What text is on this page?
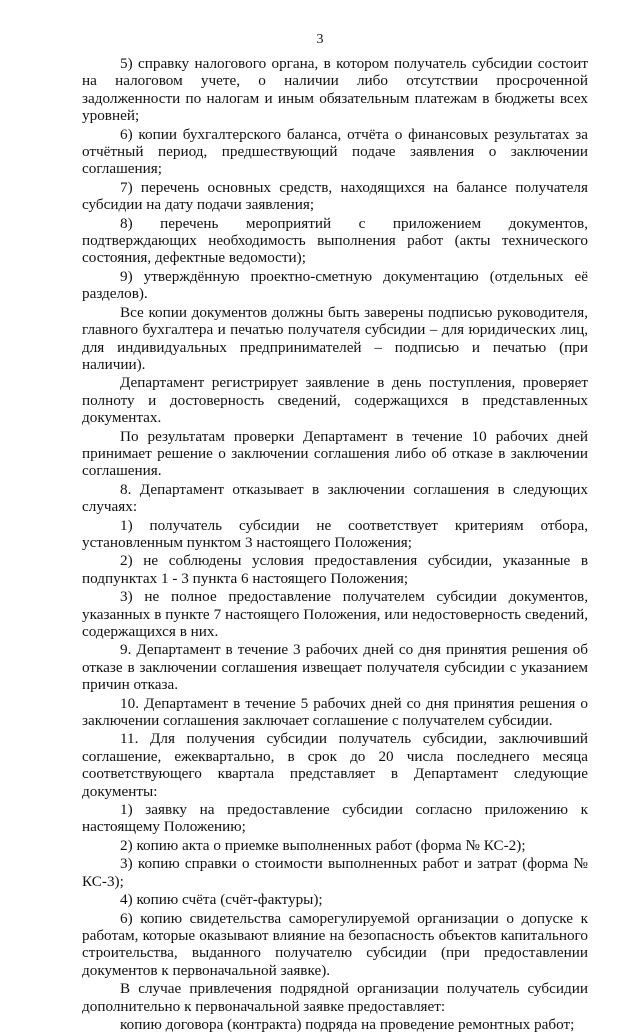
3

5) справку налогового органа, в котором получатель субсидии состоит на налоговом учете, о наличии либо отсутствии просроченной задолженности по налогам и иным обязательным платежам в бюджеты всех уровней;

6) копии бухгалтерского баланса, отчёта о финансовых результатах за отчётный период, предшествующий подаче заявления о заключении соглашения;

7) перечень основных средств, находящихся на балансе получателя субсидии на дату подачи заявления;

8) перечень мероприятий с приложением документов, подтверждающих необходимость выполнения работ (акты технического состояния, дефектные ведомости);

9) утверждённую проектно-сметную документацию (отдельных её разделов).

Все копии документов должны быть заверены подписью руководителя, главного бухгалтера и печатью получателя субсидии – для юридических лиц, для индивидуальных предпринимателей – подписью и печатью (при наличии).

Департамент регистрирует заявление в день поступления, проверяет полноту и достоверность сведений, содержащихся в представленных документах.

По результатам проверки Департамент в течение 10 рабочих дней принимает решение о заключении соглашения либо об отказе в заключении соглашения.

8. Департамент отказывает в заключении соглашения в следующих случаях:

1) получатель субсидии не соответствует критериям отбора, установленным пунктом 3 настоящего Положения;

2) не соблюдены условия предоставления субсидии, указанные в подпунктах 1 - 3 пункта 6 настоящего Положения;

3) не полное предоставление получателем субсидии документов, указанных в пункте 7 настоящего Положения, или недостоверность сведений, содержащихся в них.

9. Департамент в течение 3 рабочих дней со дня принятия решения об отказе в заключении соглашения извещает получателя субсидии с указанием причин отказа.

10. Департамент в течение 5 рабочих дней со дня принятия решения о заключении соглашения заключает соглашение с получателем субсидии.

11. Для получения субсидии получатель субсидии, заключивший соглашение, ежеквартально, в срок до 20 числа последнего месяца соответствующего квартала представляет в Департамент следующие документы:

1) заявку на предоставление субсидии согласно приложению к настоящему Положению;

2) копию акта о приемке выполненных работ (форма № КС-2);

3) копию справки о стоимости выполненных работ и затрат (форма № КС-3);

4) копию счёта (счёт-фактуры);

6) копию свидетельства саморегулируемой организации о допуске к работам, которые оказывают влияние на безопасность объектов капитального строительства, выданного получателю субсидии (при предоставлении документов к первоначальной заявке).

В случае привлечения подрядной организации получатель субсидии дополнительно к первоначальной заявке предоставляет:

копию договора (контракта) подряда на проведение ремонтных работ;
